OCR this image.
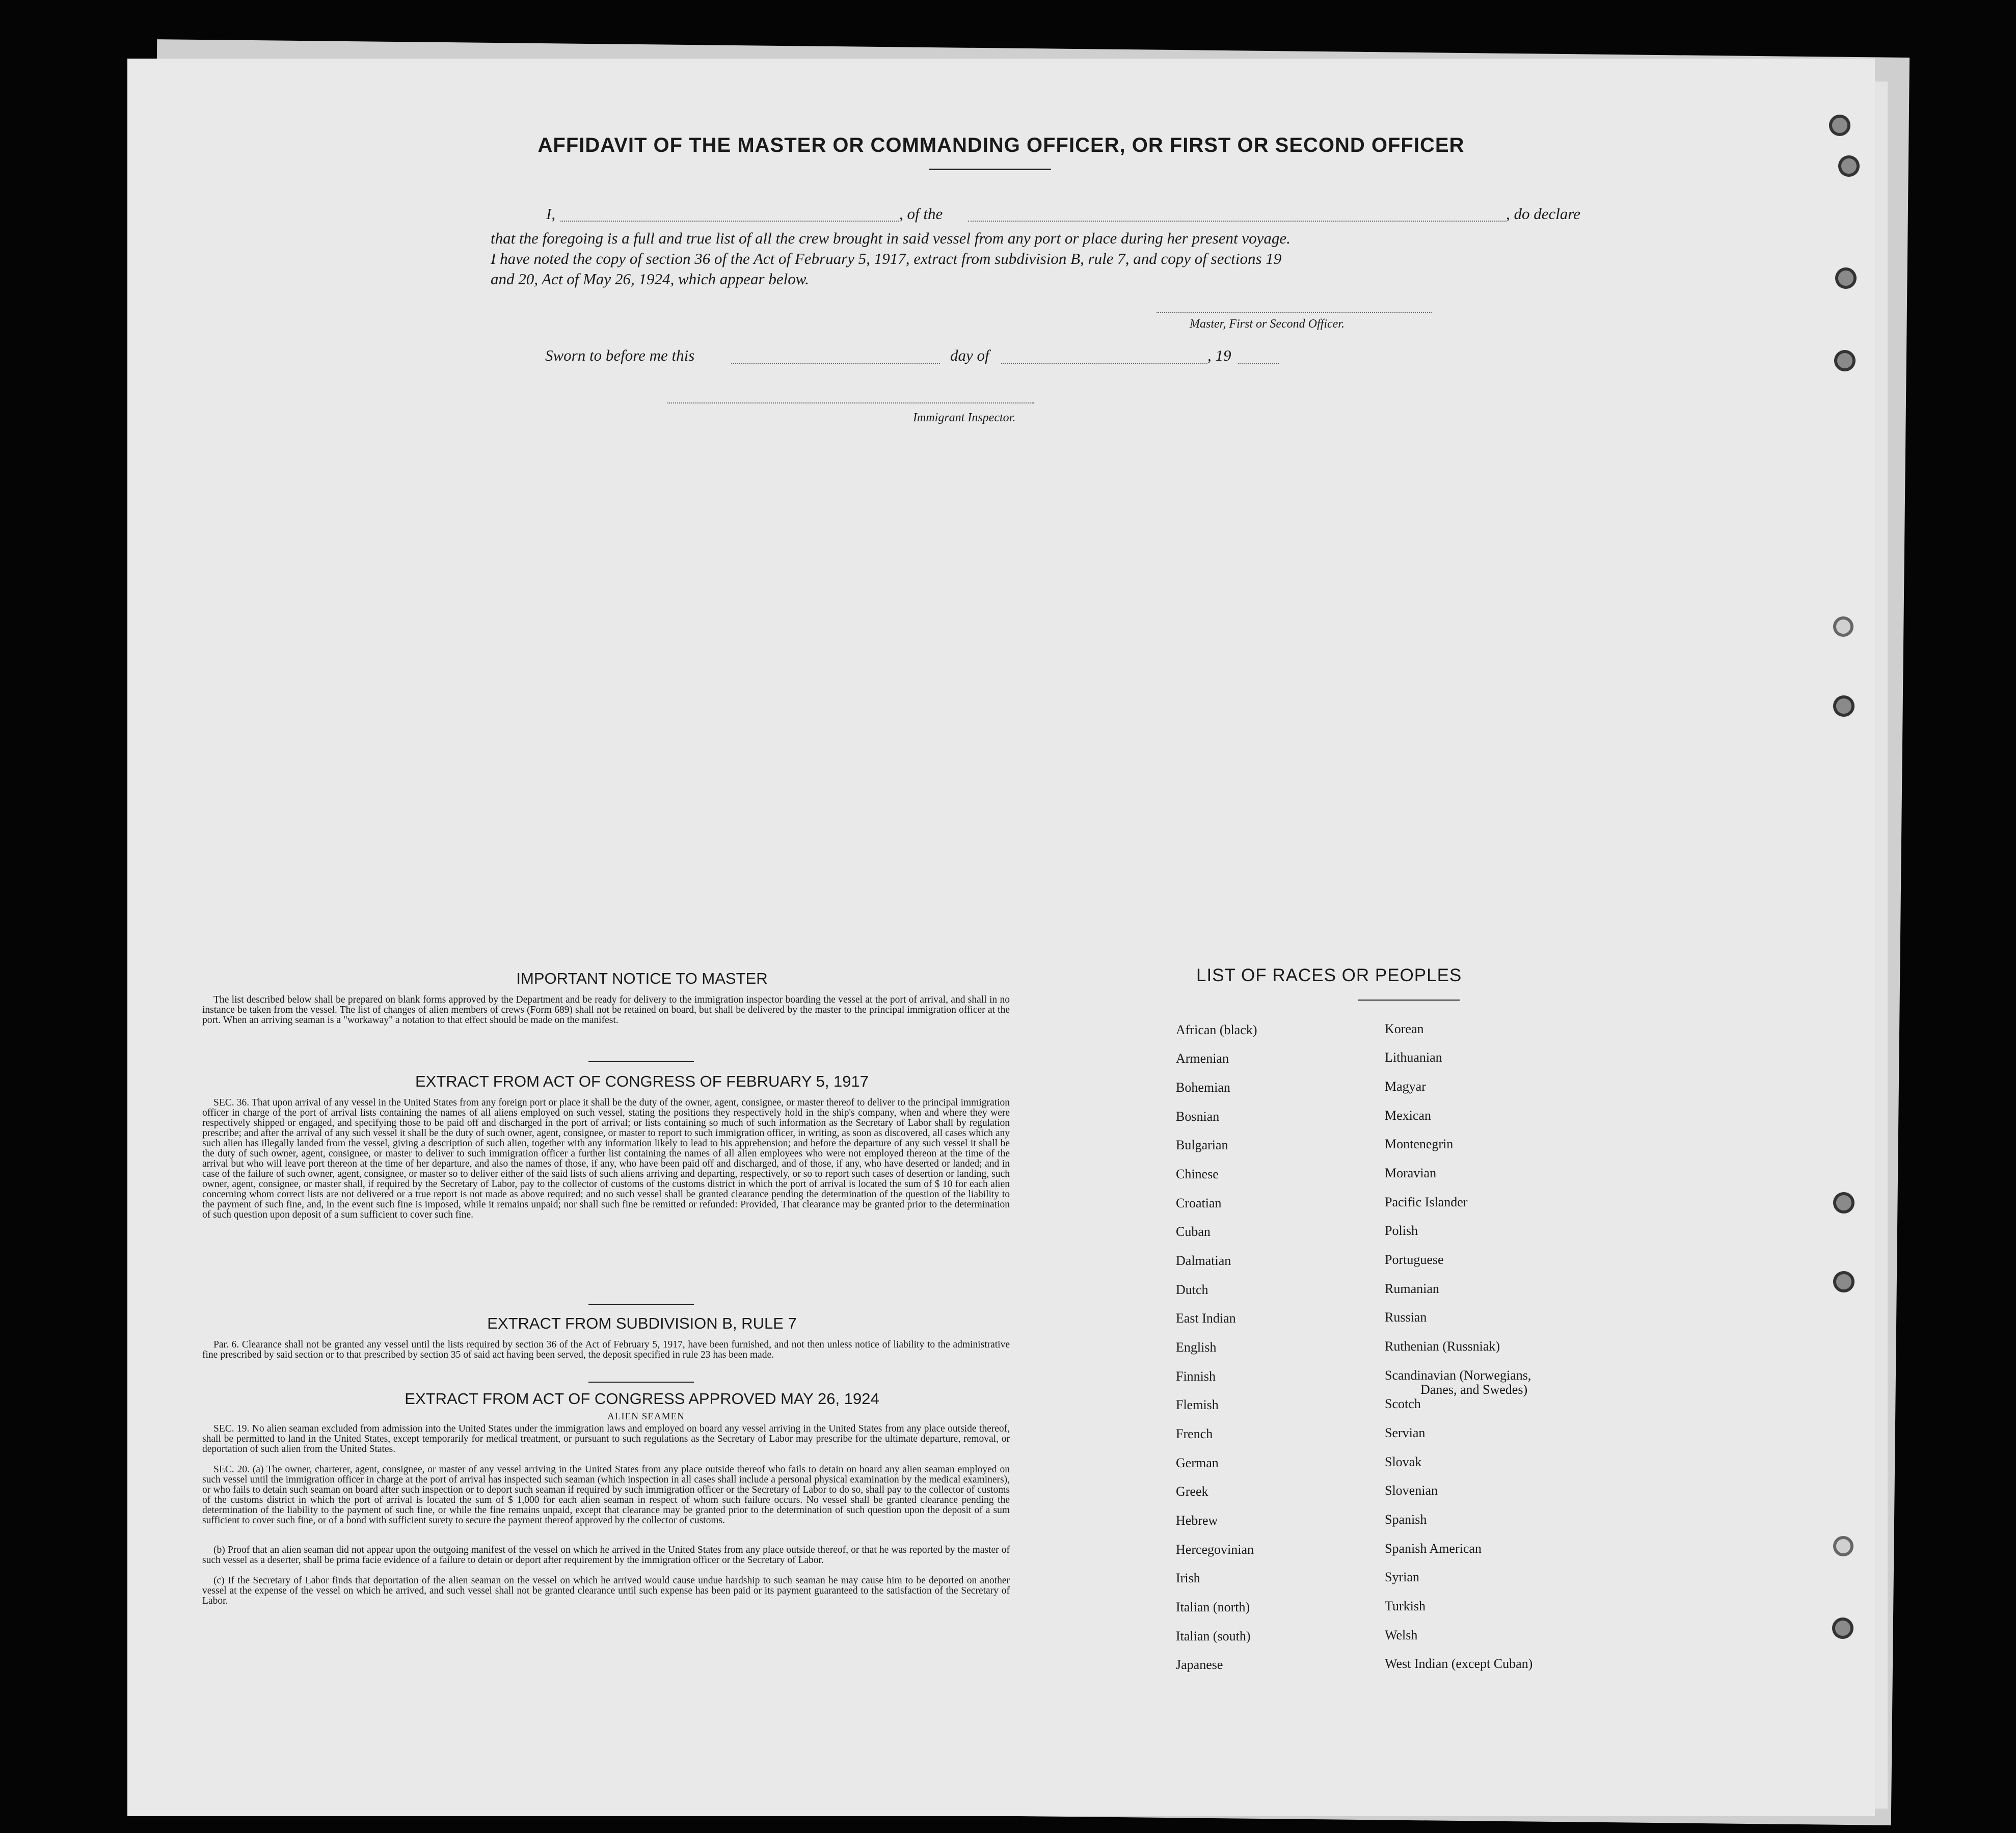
AFFIDAVIT OF THE MASTER OR COMMANDING OFFICER, OR FIRST OR SECOND OFFICER
I,	, of the	, do declare
that the foregoing is a full and true list of all the crew brought in said vessel from any port or place during her present voyage.
I have noted the copy of section 36 of the Act of February 5, 1917, extract from subdivision B, rule 7, and copy of sections 19
and 20, Act of May 26, 1924, which appear below.
Master, First or Second Officer.
Sworn to before me this	day of	, 19
Immigrant Inspector.
IMPORTANT NOTICE TO MASTER
The list described below shall be prepared on blank forms approved by the Department and be ready for delivery to the immigration inspector boarding the vessel at the port of arrival, and shall in no instance be taken from the vessel. The list of changes of alien members of crews (Form 689) shall not be retained on board, but shall be delivered by the master to the principal immigration officer at the port. When an arriving seaman is a "workaway" a notation to that effect should be made on the manifest.
EXTRACT FROM ACT OF CONGRESS OF FEBRUARY 5, 1917
SEC. 36. That upon arrival of any vessel in the United States from any foreign port or place it shall be the duty of the owner, agent, consignee, or master thereof to deliver to the principal immigration officer in charge of the port of arrival lists containing the names of all aliens employed on such vessel, stating the positions they respectively hold in the ship's company, when and where they were respectively shipped or engaged, and specifying those to be paid off and discharged in the port of arrival; or lists containing so much of such information as the Secretary of Labor shall by regulation prescribe; and after the arrival of any such vessel it shall be the duty of such owner, agent, consignee, or master to report to such immigration officer, in writing, as soon as discovered, all cases which any such alien has illegally landed from the vessel, giving a description of such alien, together with any information likely to lead to his apprehension; and before the departure of any such vessel it shall be the duty of such owner, agent, consignee, or master to deliver to such immigration officer a further list containing the names of all alien employees who were not employed thereon at the time of the arrival but who will leave port thereon at the time of her departure, and also the names of those, if any, who have been paid off and discharged, and of those, if any, who have deserted or landed; and in case of the failure of such owner, agent, consignee, or master so to deliver either of the said lists of such aliens arriving and departing, respectively, or so to report such cases of desertion or landing, such owner, agent, consignee, or master shall, if required by the Secretary of Labor, pay to the collector of customs of the customs district in which the port of arrival is located the sum of $ 10 for each alien concerning whom correct lists are not delivered or a true report is not made as above required; and no such vessel shall be granted clearance pending the determination of the question of the liability to the payment of such fine, and, in the event such fine is imposed, while it remains unpaid; nor shall such fine be remitted or refunded: Provided, That clearance may be granted prior to the determination of such question upon deposit of a sum sufficient to cover such fine.
EXTRACT FROM SUBDIVISION B, RULE 7
Par. 6. Clearance shall not be granted any vessel until the lists required by section 36 of the Act of February 5, 1917, have been furnished, and not then unless notice of liability to the administrative fine prescribed by said section or to that prescribed by section 35 of said act having been served, the deposit specified in rule 23 has been made.
EXTRACT FROM ACT OF CONGRESS APPROVED MAY 26, 1924
ALIEN SEAMEN
SEC. 19. No alien seaman excluded from admission into the United States under the immigration laws and employed on board any vessel arriving in the United States from any place outside thereof, shall be permitted to land in the United States, except temporarily for medical treatment, or pursuant to such regulations as the Secretary of Labor may prescribe for the ultimate departure, removal, or deportation of such alien from the United States.
SEC. 20. (a) The owner, charterer, agent, consignee, or master of any vessel arriving in the United States from any place outside thereof who fails to detain on board any alien seaman employed on such vessel until the immigration officer in charge at the port of arrival has inspected such seaman (which inspection in all cases shall include a personal physical examination by the medical examiners), or who fails to detain such seaman on board after such inspection or to deport such seaman if required by such immigration officer or the Secretary of Labor to do so, shall pay to the collector of customs of the customs district in which the port of arrival is located the sum of $ 1,000 for each alien seaman in respect of whom such failure occurs. No vessel shall be granted clearance pending the determination of the liability to the payment of such fine, or while the fine remains unpaid, except that clearance may be granted prior to the determination of such question upon the deposit of a sum sufficient to cover such fine, or of a bond with sufficient surety to secure the payment thereof approved by the collector of customs.
(b) Proof that an alien seaman did not appear upon the outgoing manifest of the vessel on which he arrived in the United States from any place outside thereof, or that he was reported by the master of such vessel as a deserter, shall be prima facie evidence of a failure to detain or deport after requirement by the immigration officer or the Secretary of Labor.
(c) If the Secretary of Labor finds that deportation of the alien seaman on the vessel on which he arrived would cause undue hardship to such seaman he may cause him to be deported on another vessel at the expense of the vessel on which he arrived, and such vessel shall not be granted clearance until such expense has been paid or its payment guaranteed to the satisfaction of the Secretary of Labor.
LIST OF RACES OR PEOPLES
African (black)
Armenian
Bohemian
Bosnian
Bulgarian
Chinese
Croatian
Cuban
Dalmatian
Dutch
East Indian
English
Finnish
Flemish
French
German
Greek
Hebrew
Hercegovinian
Irish
Italian (north)
Italian (south)
Japanese
Korean
Lithuanian
Magyar
Mexican
Montenegrin
Moravian
Pacific Islander
Polish
Portuguese
Rumanian
Russian
Ruthenian (Russniak)
Scandinavian (Norwegians,
Danes, and Swedes)
Scotch
Servian
Slovak
Slovenian
Spanish
Spanish American
Syrian
Turkish
Welsh
West Indian (except Cuban)
